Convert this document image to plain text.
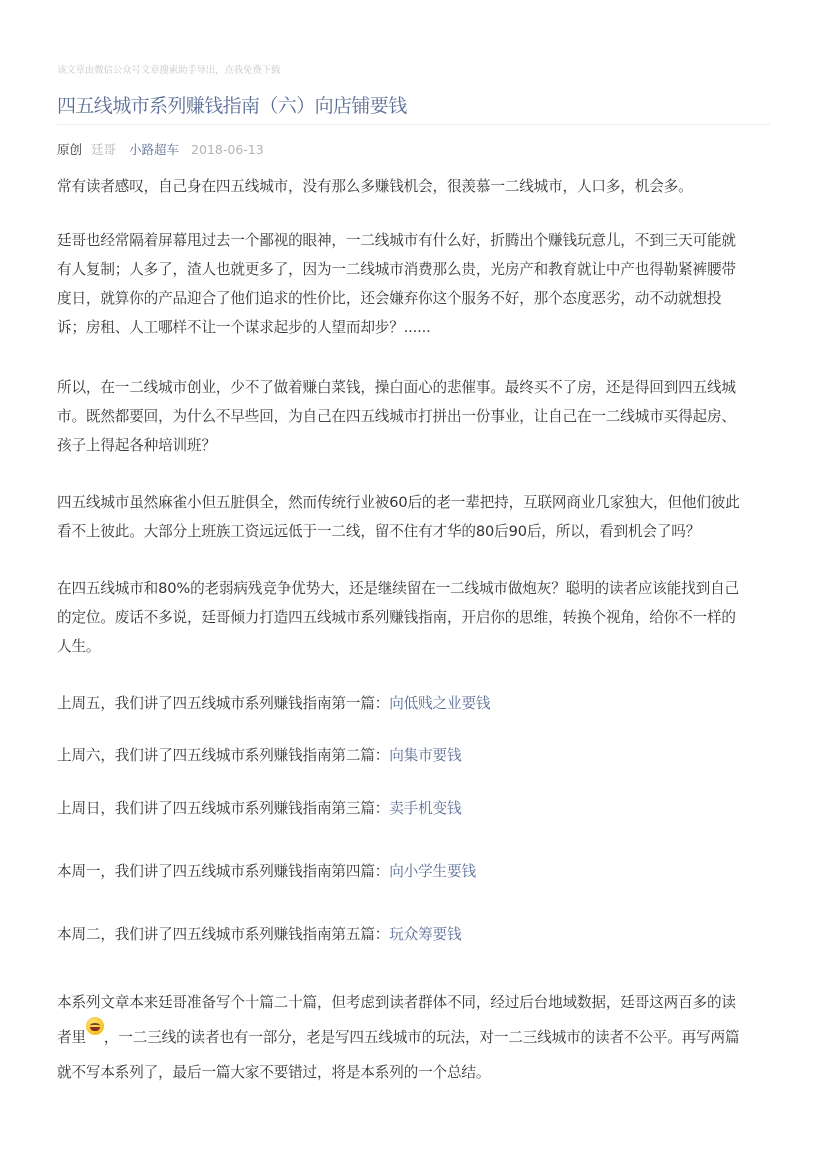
该文章由微信公众号文章搜索助手导出，点我免费下载
四五线城市系列赚钱指南（六）向店铺要钱
原创 廷哥 小路超车 2018-06-13

常有读者感叹，自己身在四五线城市，没有那么多赚钱机会，很羡慕一二线城市，人口多，机会多。

廷哥也经常隔着屏幕甩过去一个鄙视的眼神，一二线城市有什么好，折腾出个赚钱玩意儿，不到三天可能就
有人复制；人多了，渣人也就更多了，因为一二线城市消费那么贵，光房产和教育就让中产也得勒紧裤腰带
度日，就算你的产品迎合了他们追求的性价比，还会嫌弃你这个服务不好，那个态度恶劣，动不动就想投
诉；房租、人工哪样不让一个谋求起步的人望而却步？......

所以，在一二线城市创业，少不了做着赚白菜钱，操白面心的悲催事。最终买不了房，还是得回到四五线城
市。既然都要回，为什么不早些回，为自己在四五线城市打拼出一份事业，让自己在一二线城市买得起房、
孩子上得起各种培训班？

四五线城市虽然麻雀小但五脏俱全，然而传统行业被60后的老一辈把持，互联网商业几家独大，但他们彼此
看不上彼此。大部分上班族工资远远低于一二线，留不住有才华的80后90后，所以，看到机会了吗？

在四五线城市和80%的老弱病残竞争优势大，还是继续留在一二线城市做炮灰？聪明的读者应该能找到自己
的定位。废话不多说，廷哥倾力打造四五线城市系列赚钱指南，开启你的思维，转换个视角，给你不一样的
人生。

上周五，我们讲了四五线城市系列赚钱指南第一篇：向低贱之业要钱

上周六，我们讲了四五线城市系列赚钱指南第二篇：向集市要钱

上周日，我们讲了四五线城市系列赚钱指南第三篇：卖手机变钱

本周一，我们讲了四五线城市系列赚钱指南第四篇：向小学生要钱

本周二，我们讲了四五线城市系列赚钱指南第五篇：玩众筹要钱

本系列文章本来廷哥准备写个十篇二十篇，但考虑到读者群体不同，经过后台地域数据，廷哥这两百多的读
者里 ，一二三线的读者也有一部分，老是写四五线城市的玩法，对一二三线城市的读者不公平。再写两篇
就不写本系列了，最后一篇大家不要错过，将是本系列的一个总结。
